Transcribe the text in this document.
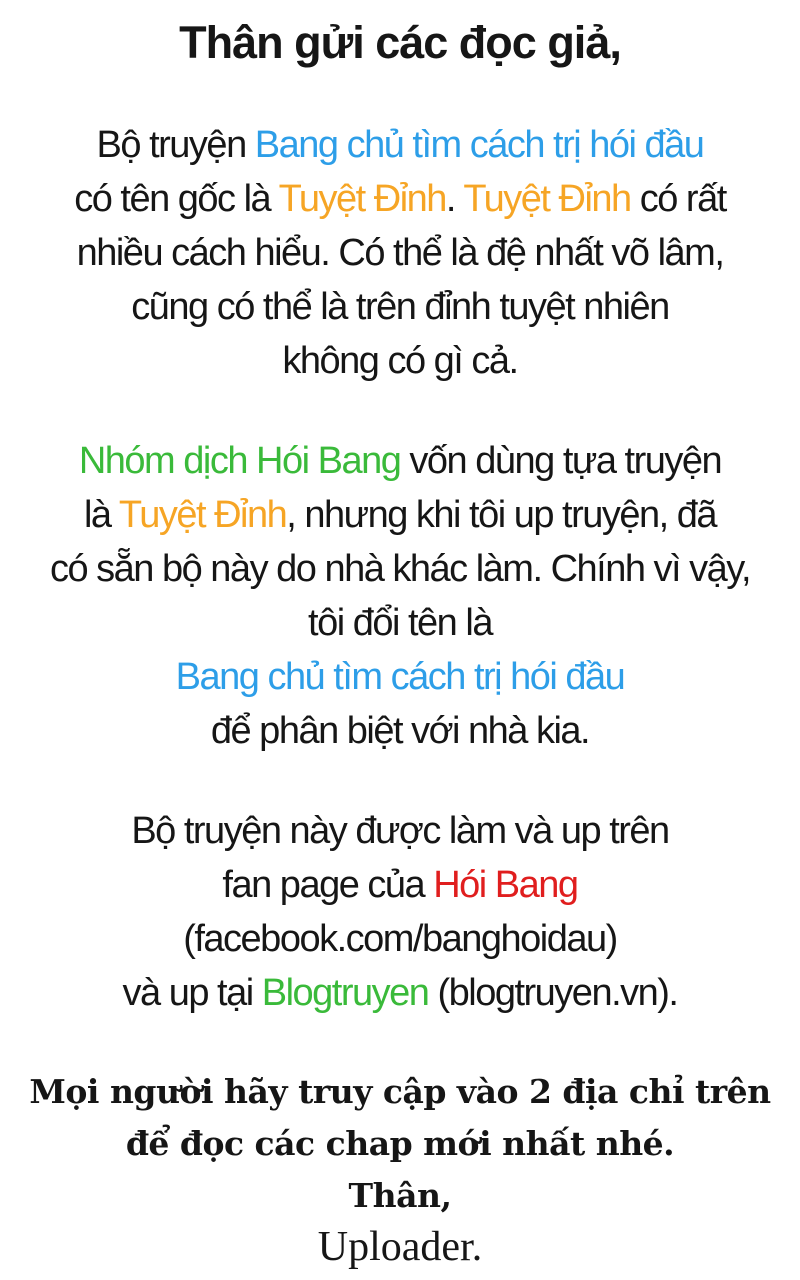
Thân gửi các đọc giả,
Bộ truyện Bang chủ tìm cách trị hói đầu
có tên gốc là Tuyệt Đỉnh. Tuyệt Đỉnh có rất
nhiều cách hiểu. Có thể là đệ nhất võ lâm,
cũng có thể là trên đỉnh tuyệt nhiên
không có gì cả.
Nhóm dịch Hói Bang vốn dùng tựa truyện
là Tuyệt Đỉnh, nhưng khi tôi up truyện, đã
có sẵn bộ này do nhà khác làm. Chính vì vậy,
tôi đổi tên là
Bang chủ tìm cách trị hói đầu
để phân biệt với nhà kia.
Bộ truyện này được làm và up trên
fan page của Hói Bang
(facebook.com/banghoidau)
và up tại Blogtruyen (blogtruyen.vn).
Mọi người hãy truy cập vào 2 địa chỉ trên
để đọc các chap mới nhất nhé.
Thân,
Uploader.
